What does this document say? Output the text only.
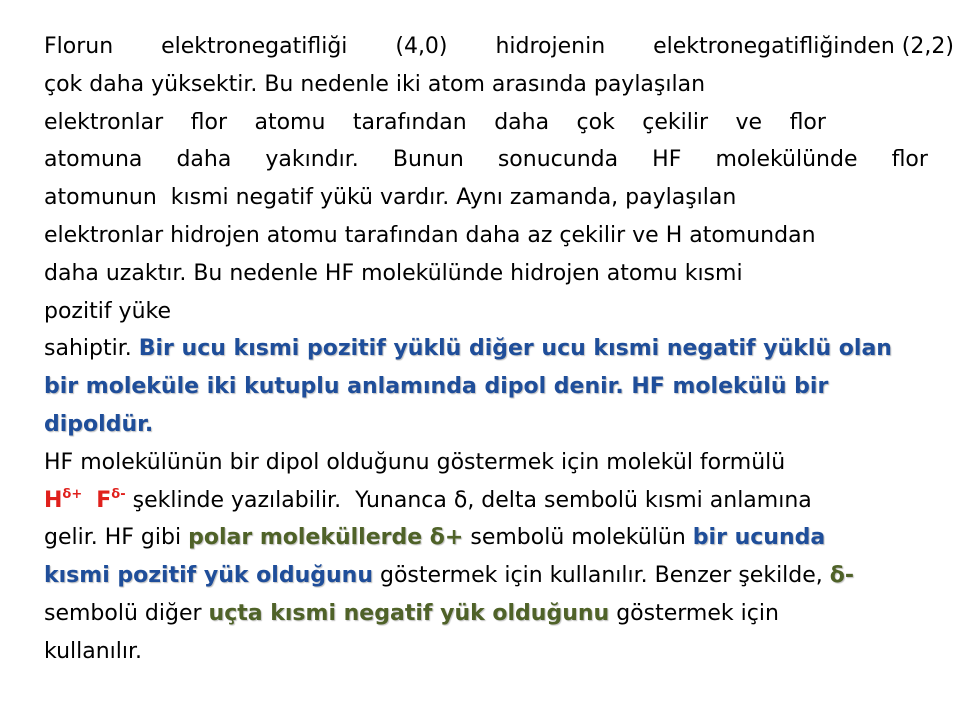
Florun elektronegatifliği (4,0) hidrojenin elektronegatifliğinden (2,2)
çok daha yüksektir. Bu nedenle iki atom arasında paylaşılan
elektronlar flor atomu tarafından daha çok çekilir ve flor
atomuna daha yakındır. Bunun sonucunda HF molekülünde flor
atomunun  kısmi negatif yükü vardır. Aynı zamanda, paylaşılan
elektronlar hidrojen atomu tarafından daha az çekilir ve H atomundan
daha uzaktır. Bu nedenle HF molekülünde hidrojen atomu kısmi
pozitif yüke
sahiptir. Bir ucu kısmi pozitif yüklü diğer ucu kısmi negatif yüklü olan
bir moleküle iki kutuplu anlamında dipol denir. HF molekülü bir
dipoldür.
HF molekülünün bir dipol olduğunu göstermek için molekül formülü
$H^{\delta+}$ $F^{\delta-}$ şeklinde yazılabilir.  Yunanca δ, delta sembolü kısmi anlamına
gelir. HF gibi polar moleküllerde δ+ sembolü molekülün bir ucunda
kısmi pozitif yük olduğunu göstermek için kullanılır. Benzer şekilde, δ-
sembolü diğer uçta kısmi negatif yük olduğunu göstermek için
kullanılır.
